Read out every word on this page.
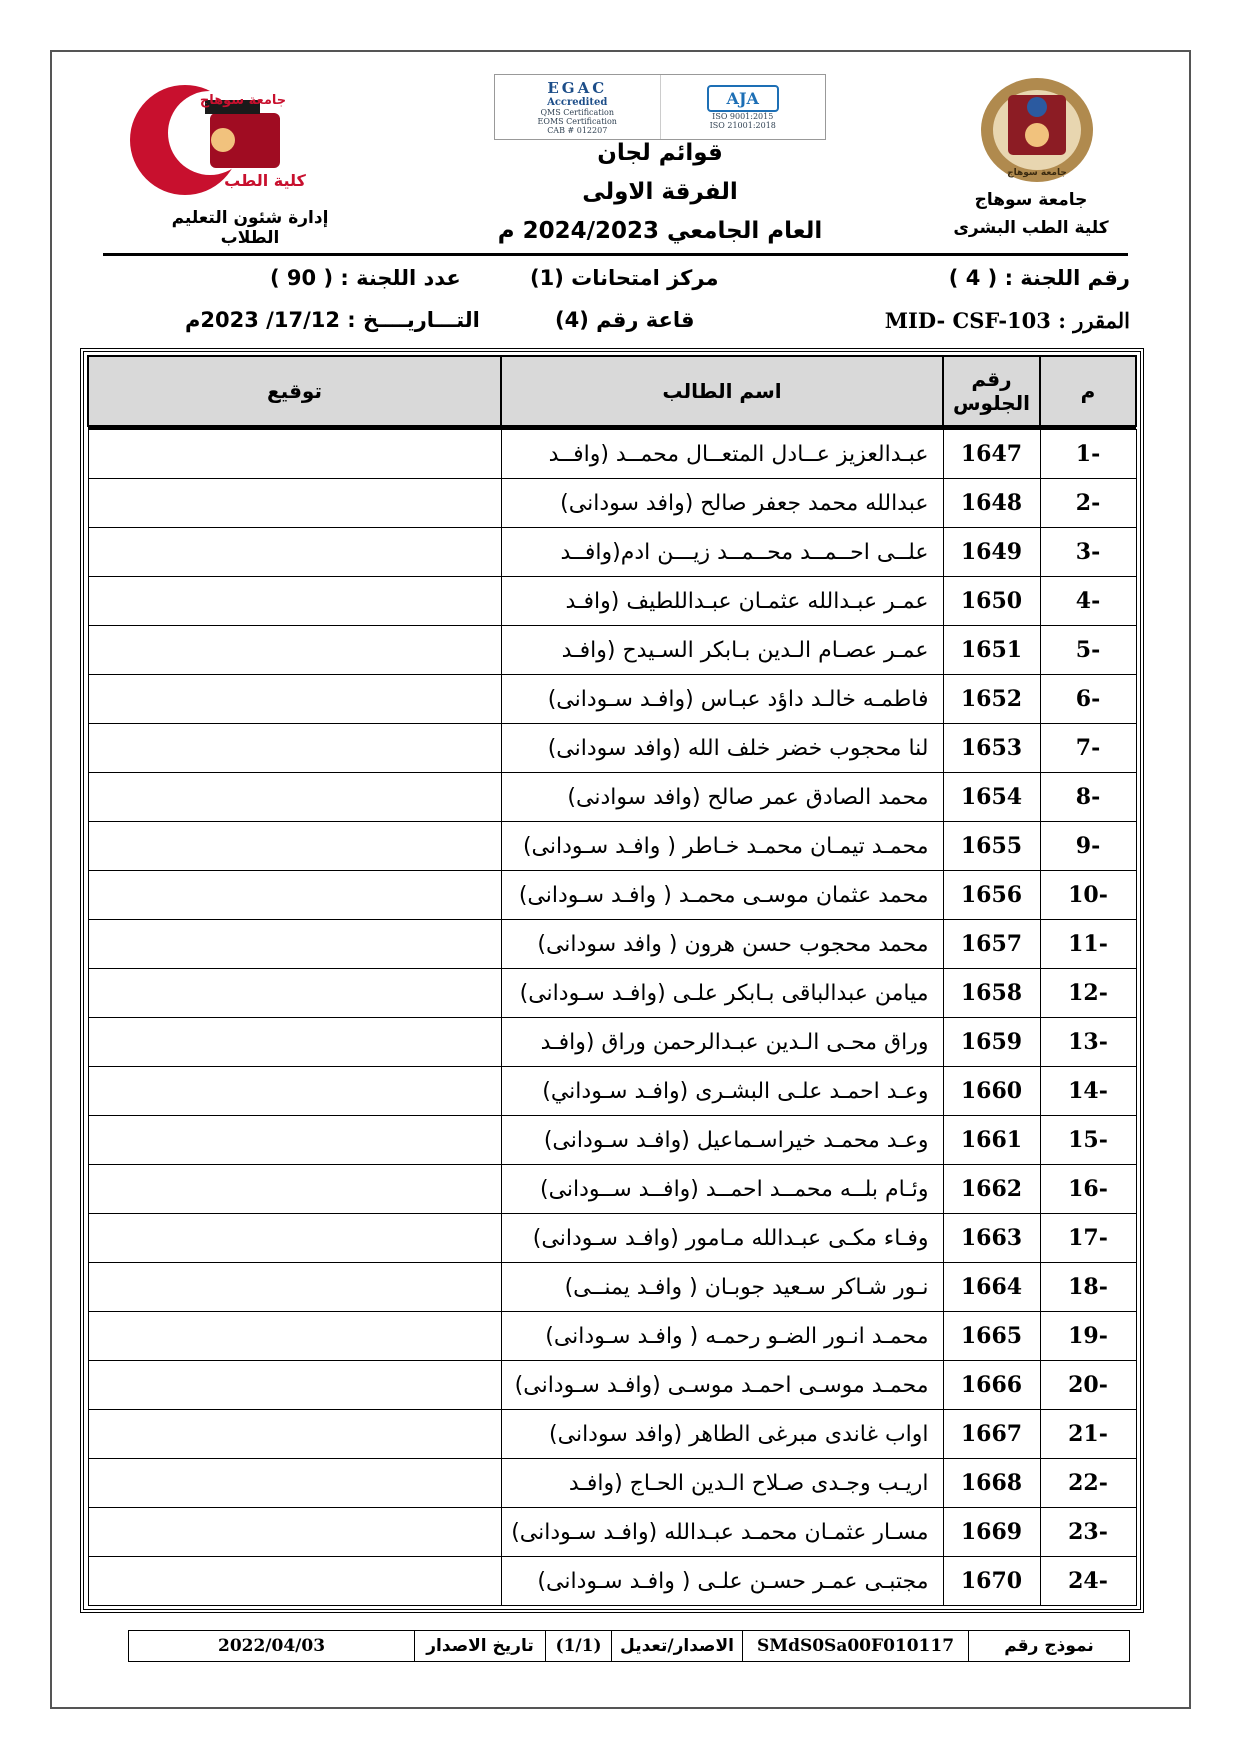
جامعة سوهاج
كلية الطب
EGAC
Accredited
QMS Certification
EOMS Certification
CAB # 012207
AJA
ISO 9001:2015
ISO 21001:2018
جامعة سوهاج
قوائم لجان
الفرقة الاولى
العام الجامعي 2024/2023 م
جامعة سوهاج
كلية الطب البشرى
إدارة شئون التعليم الطلاب
رقم اللجنة : ( 4 )
مركز امتحانات (1)
عدد اللجنة : ( 90 )
المقرر : MID- CSF-103
قاعة رقم (4)
التـــاريــــخ : 17/12/ 2023م
م	رقم الجلوس	اسم الطالب	توقيع

1-	1647	عبـدالعزيز عــادل المتعــال محمــد (وافــد	
2-	1648	عبدالله محمد جعفر صالح (وافد سودانى)	
3-	1649	علــى احــمــد محــمــد زيـــن ادم(وافــد	
4-	1650	عمـر عبـدالله عثمـان عبـداللطيف (وافـد	
5-	1651	عمـر عصـام الـدين بـابكر السـيدح (وافـد	
6-	1652	فاطمـه خالـد داؤد عبـاس (وافـد سـودانى)	
7-	1653	لنا محجوب خضر خلف الله (وافد سودانى)	
8-	1654	محمد الصادق عمر صالح (وافد سوادنى)	
9-	1655	محمـد تيمـان محمـد خـاطر ( وافـد سـودانى)	
10-	1656	محمد عثمان موسـى محمـد ( وافـد سـودانى)	
11-	1657	محمد محجوب حسن هرون ( وافد سودانى)	
12-	1658	ميامن عبدالباقى بـابكر علـى (وافـد سـودانى)	
13-	1659	وراق محـى الـدين عبـدالرحمن وراق (وافـد	
14-	1660	وعـد احمـد علـى البشـرى (وافـد سـوداني)	
15-	1661	وعـد محمـد خيراسـماعيل (وافـد سـودانى)	
16-	1662	وئـام بلــه محمــد احمــد (وافــد ســودانى)	
17-	1663	وفـاء مكـى عبـدالله مـامور (وافـد سـودانى)	
18-	1664	نـور شـاكر سـعيد جوبـان ( وافـد يمنــى)	
19-	1665	محمـد انـور الضـو رحمـه ( وافـد سـودانى)	
20-	1666	محمـد موسـى احمـد موسـى (وافـد سـودانى)	
21-	1667	اواب غاندى مبرغى الطاهر (وافد سودانى)	
22-	1668	اريـب وجـدى صـلاح الـدين الحـاج (وافـد	
23-	1669	مسـار عثمـان محمـد عبـدالله (وافـد سـودانى)	
24-	1670	مجتبـى عمـر حسـن علـى ( وافـد سـودانى)	
نموذج رقم
SMdS0Sa00F010117
الاصدار/تعديل
(1/1)
تاريخ الاصدار
2022/04/03
